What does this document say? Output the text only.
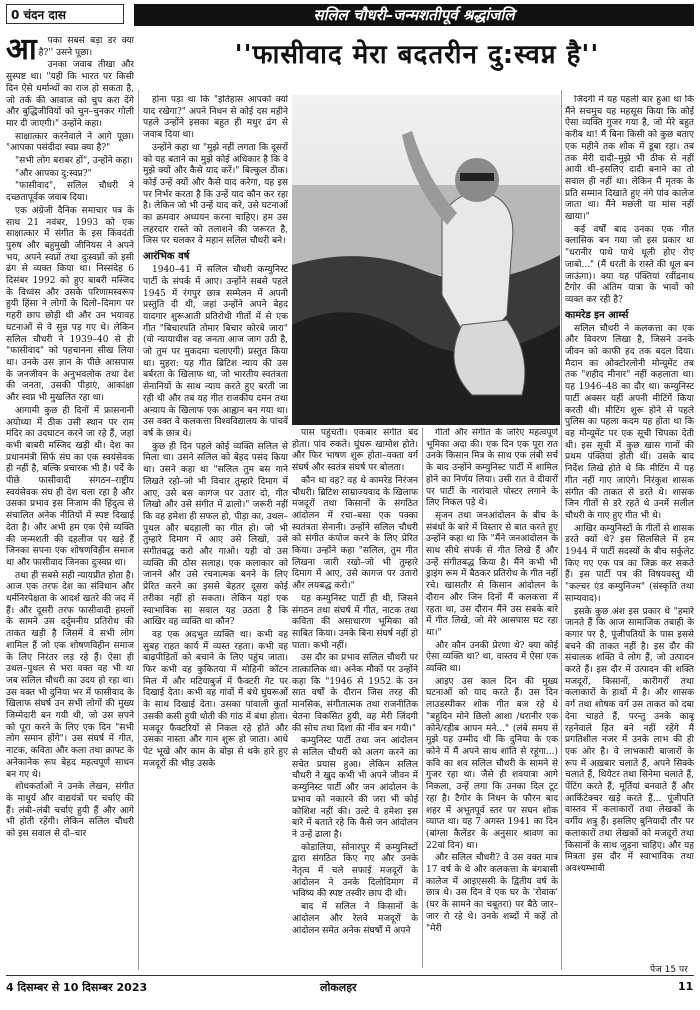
0 चंदन दास	सलिल चौधरी–जन्मशतीपूर्व श्रद्धांजलि
''फासीवाद मेरा बदतरीन दु:स्वप्न है''
आ	पका सबसे बड़ा डर क्या है?'' उसने पूछा।

उनका जवाब तीखा और सुस्पष्ट था। "यही कि भारत पर किसी दिन ऐसे धर्मान्धों का राज हो सकता है, जो तर्क की आवाज को चुप करा देंगे और बुद्धिजीवियों को चुन–चुनकर गोली मार दी जाएगी।" उन्होंने कहा।

साक्षात्कार करनेवाले ने आगे पूछा। "आपका पसंदीदा स्वप्न क्या है?"

"सभी लोग बराबर हों", उन्होंने कहा।

"और आपका दु:स्वप्न?"

"फासीवाद", सलिल चौधरी ने दच्छतापूर्वक जवाब दिया।

एक अंग्रेजी दैनिक समाचार पत्र के साथ 21 नवंबर, 1993 को एक साक्षात्कार में संगीत के इस किंवदंती पुरुष और बहुमुखी जीनियस ने अपने भय, अपने स्वप्नों तथा दुःस्वप्नों को इसी ढंग से व्यक्त किया था। निस्संदेह 6 दिसंबर 1992 को हुए बाबरी मस्जिद के विध्वंस और उसके परिणामस्वरूप हुयी हिंसा ने लोगों के दिलो–दिमाग पर गहरी छाप छोड़ी थी और उन भयावह घटनाओं से वे सुन्न पड़ गए थे। लेकिन सलिल चौधरी ने 1939–40 से ही "फासीवाद" को पहचानना सीख लिया था। उनके उस ज्ञान के पीछे आसपास के जनजीवन के अनुभवलोक तथा देश की जनता, उसकी पीड़ाएं, आकांक्षा और स्वप्न भी मुखलित रहा था।

आगामी कुछ ही दिनों में फ्रासनानी अयोध्या में ठीक उसी स्थान पर राम मंदिर का उदघाटन करने जा रहे हैं, जहां कभी बाबरी मस्जिद खड़ी थी। देश का प्रधानमंत्री सिर्फ संघ का एक स्वयंसेवक ही नहीं है, बल्कि प्रचारक भी है। पर्दे के पीछे फासीवादी संगठन–राष्ट्रीय स्वयंसेवक संघ ही देश चला रहा है और उसका प्रभाव इस निजाम की हिंदुत्व से संचालित अनेक नीतियों में स्पष्ट दिखाई देता है। और अभी हम एक ऐसे व्यक्ति की जन्मशती की दहलीज पर खड़े हैं जिनका सपना एक शोषणविहीन समाज था और फासीवाद जिनका दुःस्वप्न था।

तथा ही सबसे सही न्यायप्रीत होता है। आज एक तरफ देश का संविधान और धर्मनिरपेक्षता के आदर्श खतरे की जद में हैं। और दूसरी तरफ फासीवादी हमलों के सामने उस दर्दुमनीय प्रतिरोध की ताकत खड़ी है जिसमें वे सभी लोग शामिल हैं जो एक शोषणविहीन समाज के लिए निरंतर लड़ रहे हैं। ऐसा ही उथल–पुथल से भरा वक्त वह भी था जब सलिल चौधरी का उदय हो रहा था। उस वक्त भी दुनिया भर में फासीवाद के खिलाफ संघर्ष उन सभी लोगों की मुख्य जिम्मेदारी बन गयी थी, जो उस सपने को पूरा करने के लिए एक दिन "सभी लोग समान होंगे"। उस संघर्ष में गीत, नाटक, कविता और कला तथा क्राफ्ट के अनेकानेक रूप बेहद महत्वपूर्ण साधन बन गए थे।

शोधकर्ताओं ने उनके लेखन, संगीत के माधुर्य और वाद्ययंत्रों पर चर्चाएं की हैं। लंबी–लंबी चर्चाएं हुयी हैं और आगे भी होती रहेंगी। लेकिन सलिल चौधरी को इस सवाल से दो–चार

होना पड़ा था कि "इतिहास आपको क्यों याद रखेगा?" अपने निधन से कोई दस महीने पहले उन्होंने इसका बहुत ही मधुर ढंग से जवाब दिया था।

उन्होंने कहा था "मुझे नहीं लगता कि दूसरों को यह बताने का मुझे कोई अधिकार है कि वे मुझे क्यों और कैसे याद करें।" बिल्कुल ठीक। कोई उन्हें क्यों और कैसे याद करेगा, यह इस पर निर्भर करता है कि उन्हें याद कौन कर रहा है। लेकिन जो भी उन्हें याद करे, उसे घटनाओं का क्रमवार अध्ययन करना चाहिए। हम उस लहरदार रास्ते को तलाशने की जरूरत है, जिस पर चलकर वे महान सलिल चौधरी बने।

आरंभिक वर्ष

1940–41 में सलिल चौधरी कम्युनिस्ट पार्टी के संपर्क में आए। उन्होंने सबसे पहले 1945 में रंगपुर छात्र सम्मेलन में अपनी प्रस्तुति दी थी, जहां उन्होंने अपने बेहद यादगार शुरूआती प्रतिरोधी गीतों में से एक गीत "बिचारपति तोमार बिचार कोरबे जारा" (वो न्यायाधीश वह जनता आज जाग उठी है, जो तुम पर मुकदमा चलाएगी) प्रस्तुत किया था। मुहरा: यह गीत ब्रिटिश न्याय की उस बर्बरता के खिलाफ था, जो भारतीय स्वतंत्रता सेनानियों के साथ न्याय करते हुए बरती जा रही थी और तब यह गीत राजकीय दमन तथा अन्याय के खिलाफ एक आह्वान बन गया था। उस वक्त वे कलकत्ता विश्वविद्यालय के पांचवें वर्ष के छात्र थे।

कुछ ही दिन पहले कोई व्यक्ति सलिल से मिला था। उसने सलिल को बेहद पसंद किया था। उसने कहा था "सलिल तुम बस गाने लिखते रहो–जो भी विचार तुम्हारे दिमाग में आए, उसे बस कागज पर उतार दो, गीत लिखो और उसे संगीत में ढालो।" जरूरी नहीं कि वह हमेशा ही सफल हो, पीड़ा का, उथल–पुथल और बदहाली का गीत हो। जो भी तुम्हारे दिमाग में आए उसे लिखो, उसे संगीतबद्ध करो और गाओ। यही वो उस व्यक्ति की ठोस सलाह। एक कलाकार को जानने और उसे रचनात्मक बनने के लिए प्रेरित करने का इससे बेहतर दूसरा कोई तरीका नहीं हो सकता। लेकिन यहां एक स्वाभाविक सा सवाल यह उठता है कि आखिर वह व्यक्ति था कौन?

वह एक अदभुत व्यक्ति था। कभी वह सुबह राहत कार्य में व्यस्त रहता। कभी वह बाढ़पीड़ितों को बचाने के लिए पहुंच जाता। फिर कभी वह कुकितया में मोहिनी कॉटन मिल में और मटियाबुर्ज में फैक्टरी गेट पर दिखाई देता। कभी वह गांवों में बंधे घुंघरूओं के साथ दिखाई देता। उसका पांवाली कुर्ता उसकी कसी हुयी धोती की गांठ में बंधा होता। मजदूर फैक्टरियों से निकल रहे होते और उसका नास्ता और गान शुरू हो जाता। आधे पेट भूखे और काम के बोझ से थके हारे हुए मजदूरों की भीड़ उसके

पास पहुंचती। एकबार संगीत बंद होता। पांव रुकते। घुंघरू खामोश होते। और फिर भाषण शुरू होता–वक्ता वर्ग संघर्ष और स्वतंत्र संघर्ष पर बोलता।

कौन था वह? वह थे कामरेड निरंजन चौधरी। ब्रिटिश साम्राज्यवाद के खिलाफ मजदूरों तथा किसानों के संगठित आंदोलन में रचा–बसा एक पक्का स्वतंत्रता सेनानी। उन्होंने सलिल चौधरी को संगीत कंपोज करने के लिए प्रेरित किया। उन्होंने कहा "सलिल, तुम गीत लिखना जारी रखो–जो भी तुम्हारे दिमाग में आए, उसे कागज पर उतारो और लयबद्ध करो।"

यह कम्युनिस्ट पार्टी ही थी, जिसने संगठन तथा संघर्ष में गीत, नाटक तथा कविता की असाधारण भूमिका को साबित किया। उनके बिना संघर्ष नहीं हो पाता। कभी नहीं।

उस दौर का प्रभाव सलिल चौधरी पर तात्कालिक था। अनेक मौकों पर उन्होंने कहा कि "1946 से 1952 के उन सात वर्षों के दौरान जिस तरह की मानसिक, संगीतात्मक तथा राजनीतिक चेतना विकसित हुयी, वह मेरी जिंदगी की सोच तथा दिशा की नींव बन गयी।"

कम्युनिस्ट पार्टी तथा जन आंदोलन से सलिल चौधरी को अलग करने का सचेत प्रयास हुआ। लेकिन सलिल चौधरी ने खुद कभी भी अपने जीवन में कम्युनिस्ट पार्टी और जन आंदोलन के प्रभाव को नकारने की जरा भी कोई कोशिश नहीं की। उल्टे वे हमेशा इस बारे में बताते रहे कि कैसे जन आंदोलन ने उन्हें ढाला है।

कोडालिया, सोनारपुर में कम्युनिस्टों द्वारा संगठित किए गए और उनके नेतृत्व में चले सफाई मजदूरों के आंदोलन ने उनके दिलोदिमाग में भविष्य की स्पष्ट तस्वीर छाप दी थी।

बाद में सलिल ने किसानों के आंदोलन और रेलवे मजदूरों के आंदोलन समेत अनेक संघर्षों में अपने

गीतों और संगीत के जरिए महत्वपूर्ण भूमिका अदा की। एक दिन एक पूरा रात उनके किसान मित्र के साथ एक लंबी सर्च के बाद उन्होंने कम्युनिस्ट पार्टी में शामिल होने का निर्णय लिया। उसी रात वे दीवारों पर पार्टी के नारांवाले पोस्टर लगाने के लिए निकल पड़े थे।

सृजन तथा जनआंदोलन के बीच के संबंधों के बारे में विस्तार से बात करते हुए उन्होंने कहा था कि "मैंने जनआंदोलन के साथ सीधे संपर्क से गीत लिखे हैं और उन्हें संगीतबद्ध किया है। मैंने कभी भी ड्राइंग रूम में बैठकर प्रतिरोध के गीत नहीं रचे। खासतौर से किसान आंदोलन के दौरान और जिन दिनों मैं कलकत्ता में रहता था, उस दौरान मैंने उस सबके बारे में गीत लिखे, जो मेरे आसपास घट रहा था।"

और कौन उनकी प्रेरणा थे? क्या कोई ऐसा व्यक्ति था? था, वास्तव में ऐसा एक व्यक्ति था।

आइए उस काल दिन की मुख्य घटनाओं को याद करते हैं। उस दिन लाउडस्पीकर शोक गीत बज रहे थे "बहुदिन मोने छिलो आशा /धरानीर एक कोने/रहीब आपन मने..." (लंबे समय से मुझे यह उम्मीद थी कि दुनिया के एक कोने में मैं अपने साथ शांति से रहूंगा...) कवि का शव सलिल चौधरी के सामने से गुजर रहा था। जैसे ही शवयात्रा आगे निकला, उन्हें लगा कि उनका दिल टूट रहा है। टैगोर के निधन के फौरन बाद शहर में अभूतपूर्व स्तर पर सघन शोक व्याप्त था। यह 7 अगस्त 1941 का दिन (बांग्ला कैलेंडर के अनुसार श्रावण का 22वां दिन) था।

और सलिल चौधरी? वे उस वक्त मात्र 17 वर्ष के थे और कलकत्ता के बंगबासी कालेज में आइएससी के द्वितीय वर्ष के छात्र थे। उस दिन वे एक घर के 'रोवाक' (घर के सामने का चबूतरा) पर बैठे जार–जार रो रहे थे। उनके शब्दों में कहें तो "मेरी

जिंदगी में यह पहली बार हुआ था कि मैंने सचमुच यह महसूस किया कि कोई ऐसा व्यक्ति गुजर गया है, जो मेरे बहुत करीब था! मैं बिना किसी को कुछ बताए एक महीने तक शोक में डूबा रहा। तब तक मेरी दादी–मुझे भी ठीक से नहीं आयी थी–इसलिए दादी बनाने का तो सवाल ही नहीं था। लेकिन मैं मृतक के प्रति सम्मान दिखाते हुए नंगे पांव कालेज जाता था। मैंने मछली या मांस नहीं खाया।"

कई वर्षों बाद उनका एक गीत क्लासिक बन गया जो इस प्रकार था "धरानीर पाथे पाथे धूली होए रोए जाबो..." (मैं धरती के रास्ते की धूल बन जाऊंगा)। क्या यह पंक्तियां रवींद्रनाथ टैगोर की अंतिम यात्रा के भावों को व्यक्त कर रही है?

कामरेड इन आर्म्स

सलिल चौधरी ने कलकत्ता का एक और विवरण लिखा है, जिसने उनके जीवन को काफी हद तक बदल दिया। मैदान का ओक्टोरलोनी मोन्यूमेंट तब तक "शहीद मीनार" नहीं कहलाता था। यह 1946–48 का दौर था। कम्युनिस्ट पार्टी अक्सर यहीं अपनी मीटिंगें किया करती थी। मीटिंग शुरू होने से पहले पुलिस का पहला कदम यह होता था कि वह मोन्यूमेंट पर एक सूची चिपका देती थी। इस सूची में कुछ खास गानों की प्रथम पंक्तियां होती थीं। उसके बाद निर्देश लिखे होते थे कि मीटिंग में यह गीत नहीं गाए जाएंगे। निरंकुश शासक संगीत की ताकत से डरते थे। शासक जिन गीतों से डरे रहते थे उनमें सलील चौधरी के गाए हुए गीत भी थे।

आखिर कम्युनिस्टों के गीतों से शासक डरते क्यों थे? इस सिलसिले में हम 1944 में पार्टी सदस्यों के बीच सर्कुलेट किए गए एक पत्र का जिक्र कर सकते हैं। इस पार्टी पत्र की विषयवस्तु थी "कल्चर एंड कम्युनिज्म" (संस्कृति तथा साम्यवाद)।

इसके कुछ अंश इस प्रकार थे "हमारे जानते हैं कि आज सामाजिक तबाही के कगार पर है, पूंजीपतियों के पास इससे बचने की ताकत नहीं है। इस दौर की संचालक शक्ति वे लोग हैं, जो उत्पादन करते हैं। इस दौर में उत्पादन की शक्ति मजदूरों, किसानों, कारीगरों तथा कलाकारों के हाथों में है। और शासक वर्ग तथा शोषक वर्ग उस ताकत को दबा देना चाहते हैं, परन्तु उनके काबू रहनेवाले हित बने नहीं रहेंगे मैं प्रगतिशील नजर में उनके लाभ की ही एक ओर है। वे लाभकारी बाजारों के रूप में अख़बार चलाते हैं, अपने सिक्के चलाते हैं, थियेटर तथा सिनेमा चलाते हैं, पेंटिंग करते हैं, मूर्तियां बनवाते हैं और आर्किटेक्चर खड़े करते हैं... पूंजीपति वास्तव में कलाकारों तथा लेखकों के वर्गीय शत्रु हैं। इसलिए बुनियादी तौर पर कलाकारों तथा लेखकों को मजदूरों तथा किसानों के साथ जुड़ना चाहिए। और यह मित्रता इस दौर में स्वाभाविक तथा अवश्यम्भावी

पेज 15 पर
4 दिसम्बर से 10 दिसम्बर 2023	लोकलहर	11
